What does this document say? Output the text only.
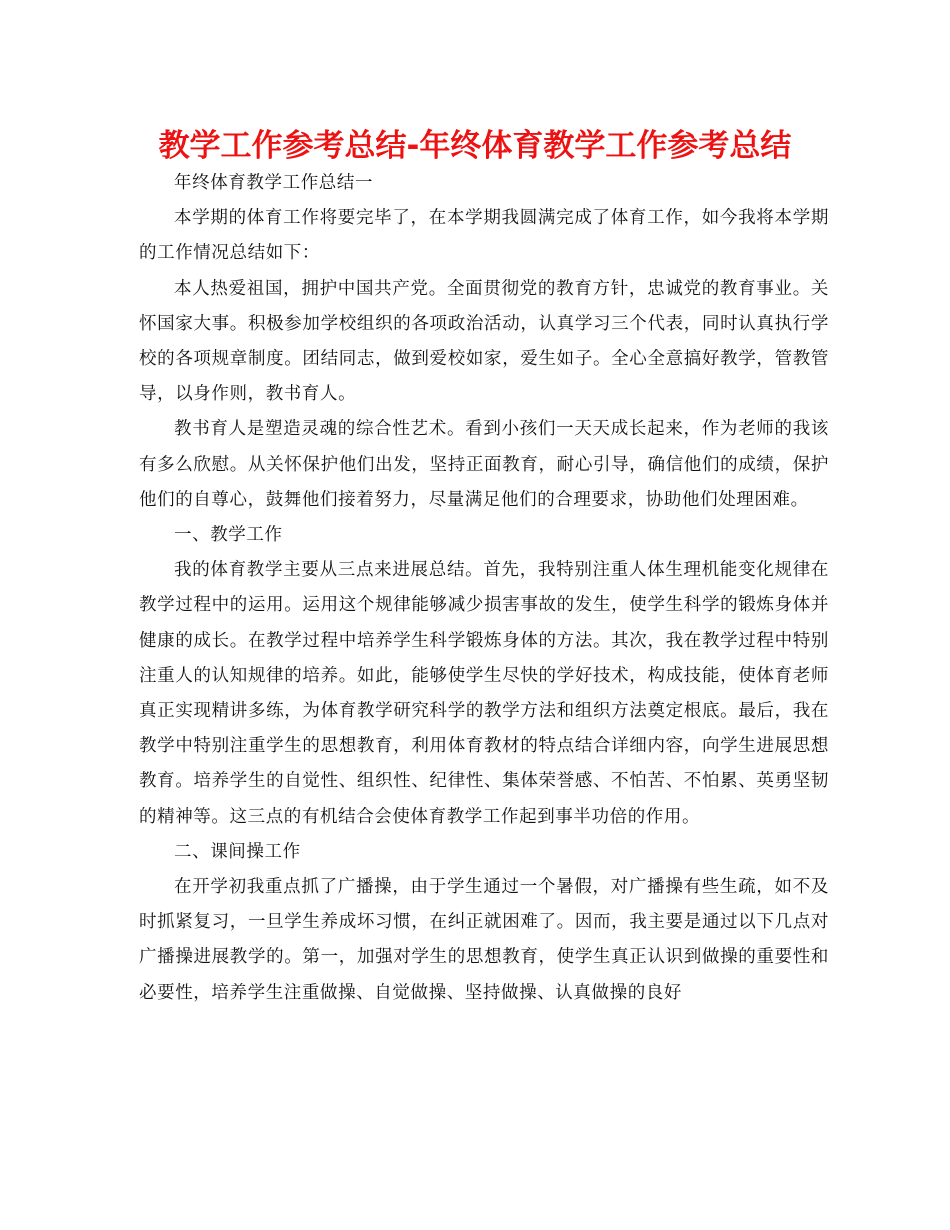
教学工作参考总结-年终体育教学工作参考总结

年终体育教学工作总结一

本学期的体育工作将要完毕了，在本学期我圆满完成了体育工作，如今我将本学期的工作情况总结如下：

本人热爱祖国，拥护中国共产党。全面贯彻党的教育方针，忠诚党的教育事业。关怀国家大事。积极参加学校组织的各项政治活动，认真学习三个代表，同时认真执行学校的各项规章制度。团结同志，做到爱校如家，爱生如子。全心全意搞好教学，管教管导，以身作则，教书育人。

教书育人是塑造灵魂的综合性艺术。看到小孩们一天天成长起来，作为老师的我该有多么欣慰。从关怀保护他们出发，坚持正面教育，耐心引导，确信他们的成绩，保护他们的自尊心，鼓舞他们接着努力，尽量满足他们的合理要求，协助他们处理困难。

一、教学工作

我的体育教学主要从三点来进展总结。首先，我特别注重人体生理机能变化规律在教学过程中的运用。运用这个规律能够减少损害事故的发生，使学生科学的锻炼身体并健康的成长。在教学过程中培养学生科学锻炼身体的方法。其次，我在教学过程中特别注重人的认知规律的培养。如此，能够使学生尽快的学好技术，构成技能，使体育老师真正实现精讲多练，为体育教学研究科学的教学方法和组织方法奠定根底。最后，我在教学中特别注重学生的思想教育，利用体育教材的特点结合详细内容，向学生进展思想教育。培养学生的自觉性、组织性、纪律性、集体荣誉感、不怕苦、不怕累、英勇坚韧的精神等。这三点的有机结合会使体育教学工作起到事半功倍的作用。

二、课间操工作

在开学初我重点抓了广播操，由于学生通过一个暑假，对广播操有些生疏，如不及时抓紧复习，一旦学生养成坏习惯，在纠正就困难了。因而，我主要是通过以下几点对广播操进展教学的。第一，加强对学生的思想教育，使学生真正认识到做操的重要性和必要性，培养学生注重做操、自觉做操、坚持做操、认真做操的良好
